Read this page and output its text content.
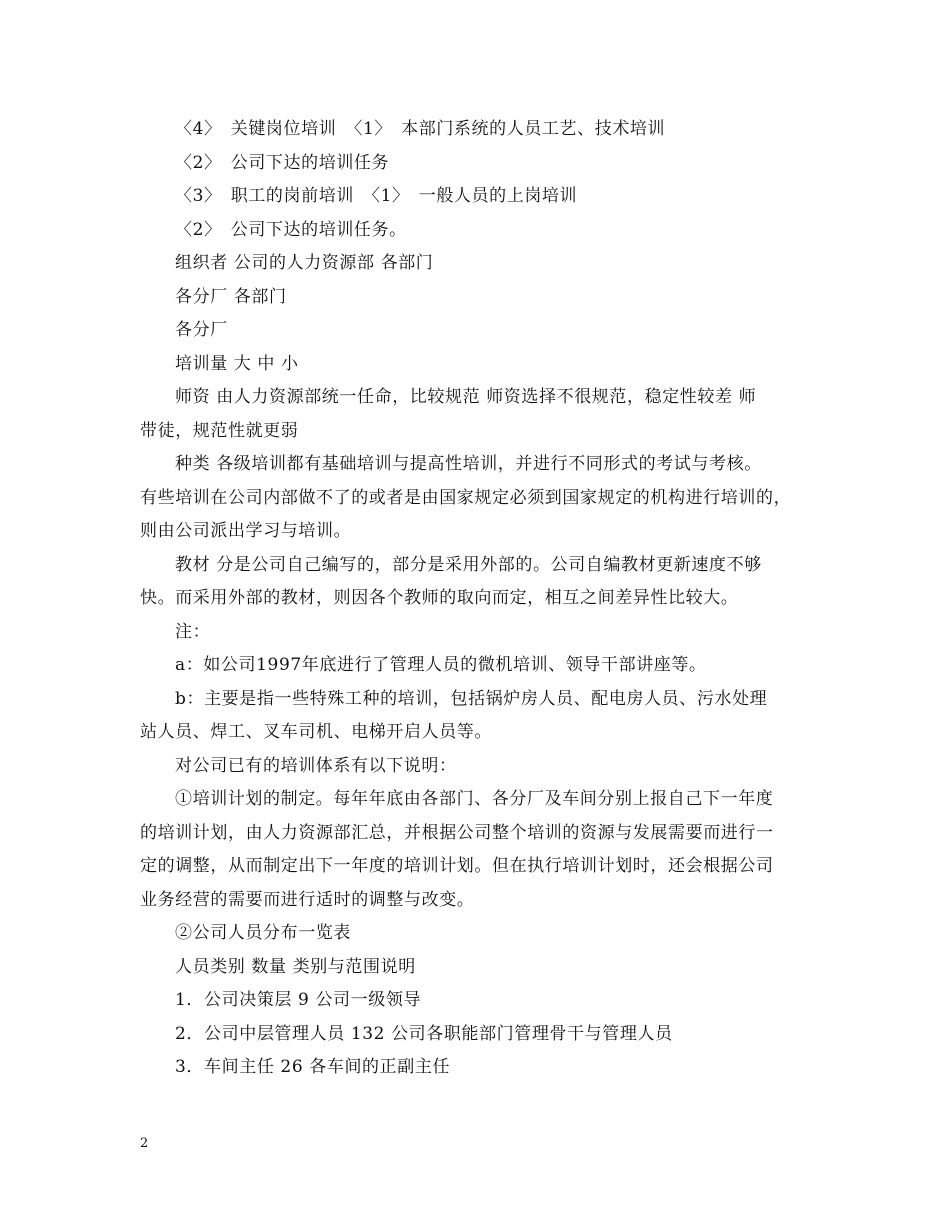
〈4〉　关键岗位培训　〈1〉　本部门系统的人员工艺、技术培训
〈2〉　公司下达的培训任务
〈3〉　职工的岗前培训　〈1〉　一般人员的上岗培训
〈2〉　公司下达的培训任务。
组织者 公司的人力资源部 各部门
各分厂 各部门
各分厂
培训量 大 中 小
师资 由人力资源部统一任命，比较规范 师资选择不很规范，稳定性较差 师
带徒，规范性就更弱
种类 各级培训都有基础培训与提高性培训，并进行不同形式的考试与考核。
有些培训在公司内部做不了的或者是由国家规定必须到国家规定的机构进行培训的，
则由公司派出学习与培训。
教材 分是公司自己编写的，部分是采用外部的。公司自编教材更新速度不够
快。而采用外部的教材，则因各个教师的取向而定，相互之间差异性比较大。
注：
a：如公司1997年底进行了管理人员的微机培训、领导干部讲座等。
b：主要是指一些特殊工种的培训，包括锅炉房人员、配电房人员、污水处理
站人员、焊工、叉车司机、电梯开启人员等。
对公司已有的培训体系有以下说明：
①培训计划的制定。每年年底由各部门、各分厂及车间分别上报自己下一年度
的培训计划，由人力资源部汇总，并根据公司整个培训的资源与发展需要而进行一
定的调整，从而制定出下一年度的培训计划。但在执行培训计划时，还会根据公司
业务经营的需要而进行适时的调整与改变。
②公司人员分布一览表
人员类别 数量 类别与范围说明
1．公司决策层 9 公司一级领导
2．公司中层管理人员 132 公司各职能部门管理骨干与管理人员
3．车间主任 26 各车间的正副主任
2
